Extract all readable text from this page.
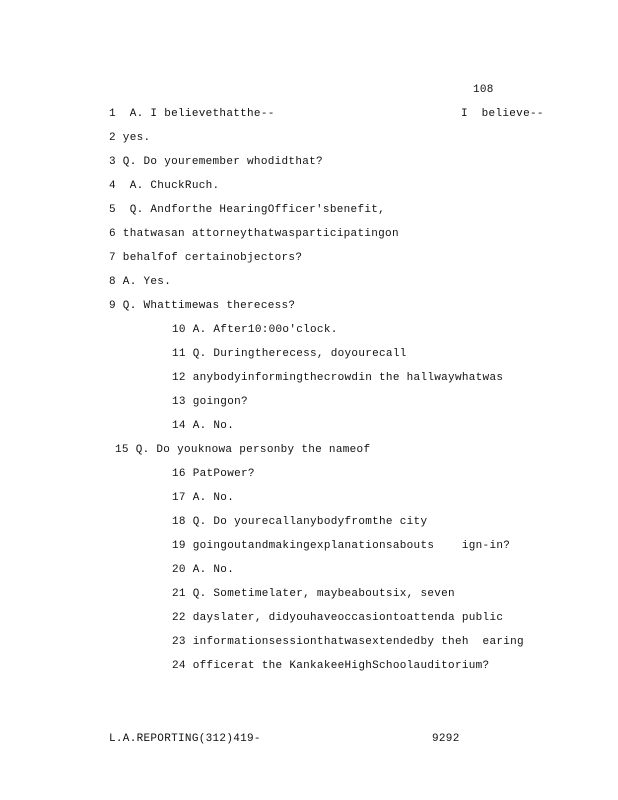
108
1  A. I believethatthe--                           I  believe--
2 yes.
3 Q. Do youremember whodidthat?
4  A. ChuckRuch.
5  Q. Andforthe HearingOfficer'sbenefit,
6 thatwasan attorneythatwasparticipatingon
7 behalfof certainobjectors?
8 A. Yes.
9 Q. Whattimewas therecess?
10 A. After10:00o'clock.
11 Q. Duringtherecess, doyourecall
12 anybodyinformingthecrowdin the hallwaywhatwas
13 goingon?
14 A. No.
15 Q. Do youknowa personby the nameof
16 PatPower?
17 A. No.
18 Q. Do yourecallanybodyfromthe city
19 goingoutandmakingexplanationsabouts    ign-in?
20 A. No.
21 Q. Sometimelater, maybeaboutsix, seven
22 dayslater, didyouhaveoccasiontoattenda public
23 informationsessionthatwasextendedby theh  earing
24 officerat the KankakeeHighSchoolauditorium?
L.A.REPORTING(312)419-	9292
